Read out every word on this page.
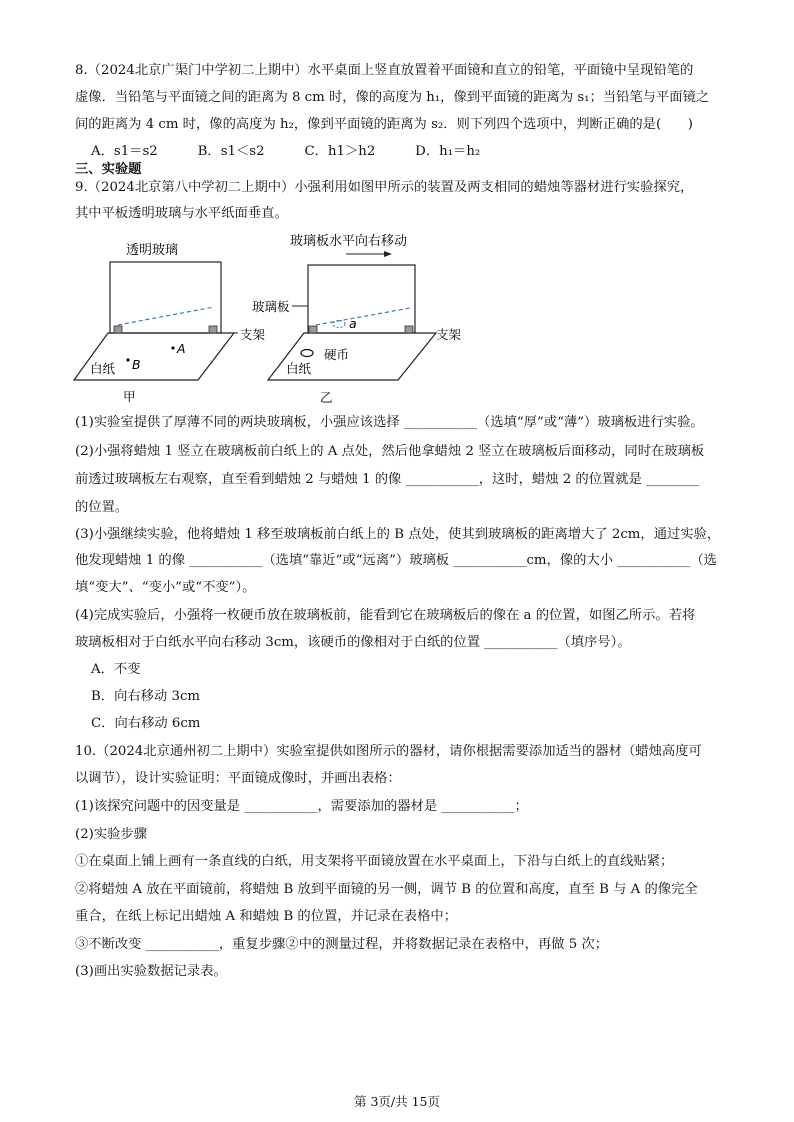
8.（2024北京广渠门中学初二上期中）水平桌面上竖直放置着平面镜和直立的铅笔，平面镜中呈现铅笔的
虚像．当铅笔与平面镜之间的距离为 8 cm 时，像的高度为 h₁，像到平面镜的距离为 s₁；当铅笔与平面镜之
间的距离为 4 cm 时，像的高度为 h₂，像到平面镜的距离为 s₂．则下列四个选项中，判断正确的是(　　)
A．s1＝s2　　　B．s1＜s2　　　C．h1＞h2　　　D．h₁＝h₂
三、实验题
9.（2024北京第八中学初二上期中）小强利用如图甲所示的装置及两支相同的蜡烛等器材进行实验探究，
其中平板透明玻璃与水平纸面垂直。
透明玻璃
支架
白纸
A
B
甲
玻璃板水平向右移动
玻璃板
支架
a
硬币
白纸
乙
(1)实验室提供了厚薄不同的两块玻璃板，小强应该选择 ___________（选填“厚”或“薄”）玻璃板进行实验。
(2)小强将蜡烛 1 竖立在玻璃板前白纸上的 A 点处，然后他拿蜡烛 2 竖立在玻璃板后面移动，同时在玻璃板
前透过玻璃板左右观察，直至看到蜡烛 2 与蜡烛 1 的像 ___________，这时，蜡烛 2 的位置就是 ________
的位置。
(3)小强继续实验，他将蜡烛 1 移至玻璃板前白纸上的 B 点处，使其到玻璃板的距离增大了 2cm，通过实验，
他发现蜡烛 1 的像 ___________（选填“靠近”或“远离”）玻璃板 ___________cm，像的大小 ___________（选
填“变大”、“变小”或“不变”）。
(4)完成实验后，小强将一枚硬币放在玻璃板前，能看到它在玻璃板后的像在 a 的位置，如图乙所示。若将
玻璃板相对于白纸水平向右移动 3cm，该硬币的像相对于白纸的位置 ___________（填序号）。
A．不变
B．向右移动 3cm
C．向右移动 6cm
10.（2024北京通州初二上期中）实验室提供如图所示的器材，请你根据需要添加适当的器材（蜡烛高度可
以调节），设计实验证明：平面镜成像时，并画出表格：
(1)该探究问题中的因变量是 ___________，需要添加的器材是 ___________；
(2)实验步骤
①在桌面上铺上画有一条直线的白纸，用支架将平面镜放置在水平桌面上，下沿与白纸上的直线贴紧；
②将蜡烛 A 放在平面镜前，将蜡烛 B 放到平面镜的另一侧，调节 B 的位置和高度，直至 B 与 A 的像完全
重合，在纸上标记出蜡烛 A 和蜡烛 B 的位置，并记录在表格中；
③不断改变 ___________，重复步骤②中的测量过程，并将数据记录在表格中，再做 5 次；
(3)画出实验数据记录表。
第 3页/共 15页
